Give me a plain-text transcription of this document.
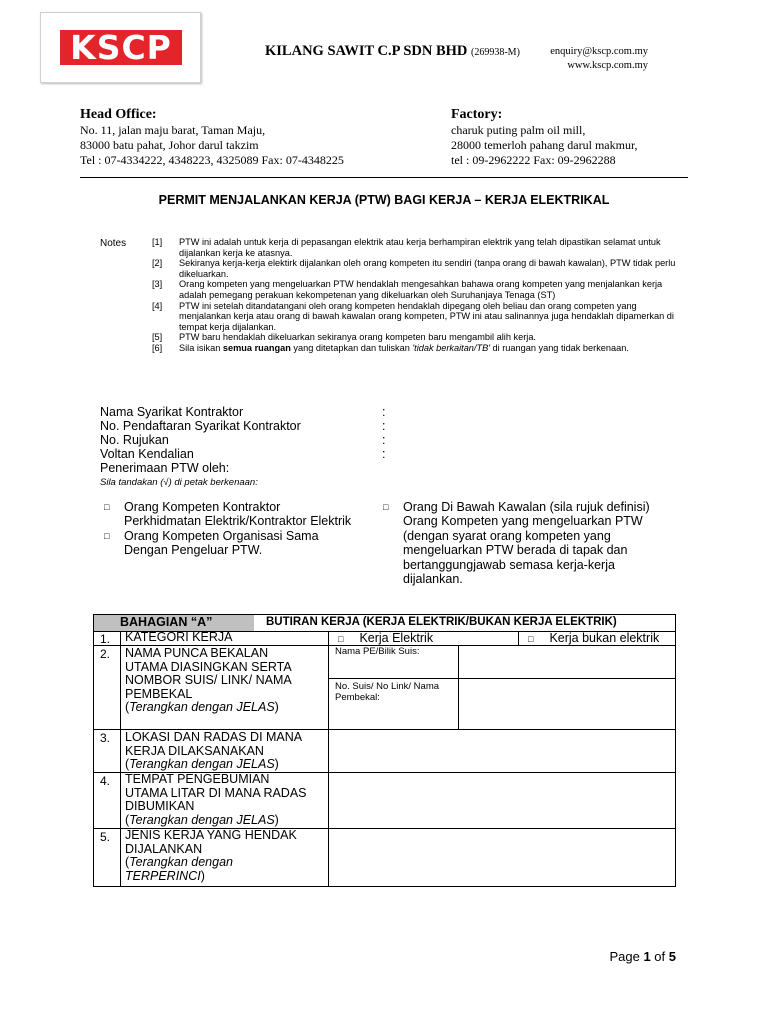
KSCP	KILANG SAWIT C.P SDN BHD (269938-M)	enquiry@kscp.com.my
www.kscp.com.my
Head Office:
No. 11, jalan maju barat, Taman Maju,
83000 batu pahat, Johor darul takzim
Tel : 07-4334222, 4348223, 4325089 Fax: 07-4348225
Factory:
charuk puting palm oil mill,
28000 temerloh pahang darul makmur,
tel : 09-2962222 Fax: 09-2962288
PERMIT MENJALANKAN KERJA (PTW) BAGI KERJA – KERJA ELEKTRIKAL
Notes	[1]	PTW ini adalah untuk kerja di pepasangan elektrik atau kerja berhampiran elektrik yang telah dipastikan selamat untuk dijalankan kerja ke atasnya.
[2]	Sekiranya kerja-kerja elektirk dijalankan oleh orang kompeten itu sendiri (tanpa orang di bawah kawalan), PTW tidak perlu dikeluarkan.
[3]	Orang kompeten yang mengeluarkan PTW hendaklah mengesahkan bahawa orang kompeten yang menjalankan kerja adalah pemegang perakuan kekompetenan yang dikeluarkan oleh Suruhanjaya Tenaga (ST)
[4]	PTW ini setelah ditandatangani oleh orang kompeten hendaklah dipegang oleh beliau dan orang competen yang menjalankan kerja atau orang di bawah kawalan orang kompeten, PTW ini atau salinannya juga hendaklah dipamerkan di tempat kerja dijalankan.
[5]	PTW baru hendaklah dikeluarkan sekiranya orang kompeten baru mengambil alih kerja.
[6]	Sila isikan semua ruangan yang ditetapkan dan tuliskan 'tidak berkaitan/TB' di ruangan yang tidak berkenaan.
Nama Syarikat Kontraktor	:
No. Pendaftaran Syarikat Kontraktor	:
No. Rujukan	:
Voltan Kendalian	:
Penerimaan PTW oleh:
Sila tandakan (√) di petak berkenaan:
□ Orang Kompeten Kontraktor
Perkhidmatan Elektrik/Kontraktor Elektrik
□ Orang Kompeten Organisasi Sama
Dengan Pengeluar PTW.
□ Orang Di Bawah Kawalan (sila rujuk definisi)
Orang Kompeten yang mengeluarkan PTW
(dengan syarat orang kompeten yang
mengeluarkan PTW berada di tapak dan
bertanggungjawab semasa kerja-kerja
dijalankan.
BAHAGIAN “A”	BUTIRAN KERJA (KERJA ELEKTRIK/BUKAN KERJA ELEKTRIK)
1. KATEGORI KERJA	□ Kerja Elektrik	□ Kerja bukan elektrik
2. NAMA PUNCA BEKALAN
UTAMA DIASINGKAN SERTA
NOMBOR SUIS/ LINK/ NAMA
PEMBEKAL
(Terangkan dengan JELAS)
Nama PE/Bilik Suis:
No. Suis/ No Link/ Nama
Pembekal:
3. LOKASI DAN RADAS DI MANA
KERJA DILAKSANAKAN
(Terangkan dengan JELAS)
4. TEMPAT PENGEBUMIAN
UTAMA LITAR DI MANA RADAS
DIBUMIKAN
(Terangkan dengan JELAS)
5. JENIS KERJA YANG HENDAK
DIJALANKAN
(Terangkan dengan
TERPERINCI)
Page 1 of 5
